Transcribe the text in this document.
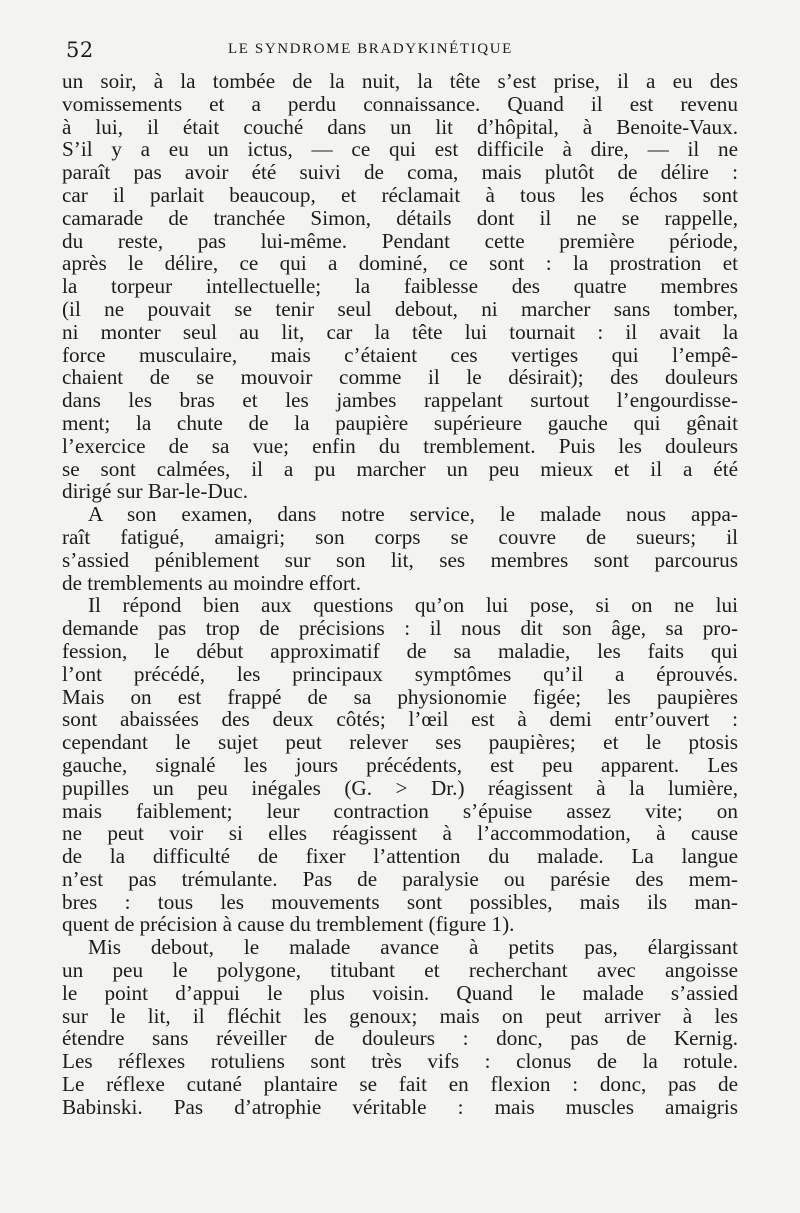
52	LE SYNDROME BRADYKINÉTIQUE
un soir, à la tombée de la nuit, la tête s’est prise, il a eu des
vomissements et a perdu connaissance. Quand il est revenu
à lui, il était couché dans un lit d’hôpital, à Benoite-Vaux.
S’il y a eu un ictus, — ce qui est difficile à dire, — il ne
paraît pas avoir été suivi de coma, mais plutôt de délire :
car il parlait beaucoup, et réclamait à tous les échos sont
camarade de tranchée Simon, détails dont il ne se rappelle,
du reste, pas lui-même. Pendant cette première période,
après le délire, ce qui a dominé, ce sont : la prostration et
la torpeur intellectuelle; la faiblesse des quatre membres
(il ne pouvait se tenir seul debout, ni marcher sans tomber,
ni monter seul au lit, car la tête lui tournait : il avait la
force musculaire, mais c’étaient ces vertiges qui l’empê-
chaient de se mouvoir comme il le désirait); des douleurs
dans les bras et les jambes rappelant surtout l’engourdisse-
ment; la chute de la paupière supérieure gauche qui gênait
l’exercice de sa vue; enfin du tremblement. Puis les douleurs
se sont calmées, il a pu marcher un peu mieux et il a été
dirigé sur Bar-le-Duc.
A son examen, dans notre service, le malade nous appa-
raît fatigué, amaigri; son corps se couvre de sueurs; il
s’assied péniblement sur son lit, ses membres sont parcourus
de tremblements au moindre effort.
Il répond bien aux questions qu’on lui pose, si on ne lui
demande pas trop de précisions : il nous dit son âge, sa pro-
fession, le début approximatif de sa maladie, les faits qui
l’ont précédé, les principaux symptômes qu’il a éprouvés.
Mais on est frappé de sa physionomie figée; les paupières
sont abaissées des deux côtés; l’œil est à demi entr’ouvert :
cependant le sujet peut relever ses paupières; et le ptosis
gauche, signalé les jours précédents, est peu apparent. Les
pupilles un peu inégales (G. > Dr.) réagissent à la lumière,
mais faiblement; leur contraction s’épuise assez vite; on
ne peut voir si elles réagissent à l’accommodation, à cause
de la difficulté de fixer l’attention du malade. La langue
n’est pas trémulante. Pas de paralysie ou parésie des mem-
bres : tous les mouvements sont possibles, mais ils man-
quent de précision à cause du tremblement (figure 1).
Mis debout, le malade avance à petits pas, élargissant
un peu le polygone, titubant et recherchant avec angoisse
le point d’appui le plus voisin. Quand le malade s’assied
sur le lit, il fléchit les genoux; mais on peut arriver à les
étendre sans réveiller de douleurs : donc, pas de Kernig.
Les réflexes rotuliens sont très vifs : clonus de la rotule.
Le réflexe cutané plantaire se fait en flexion : donc, pas de
Babinski. Pas d’atrophie véritable : mais muscles amaigris
